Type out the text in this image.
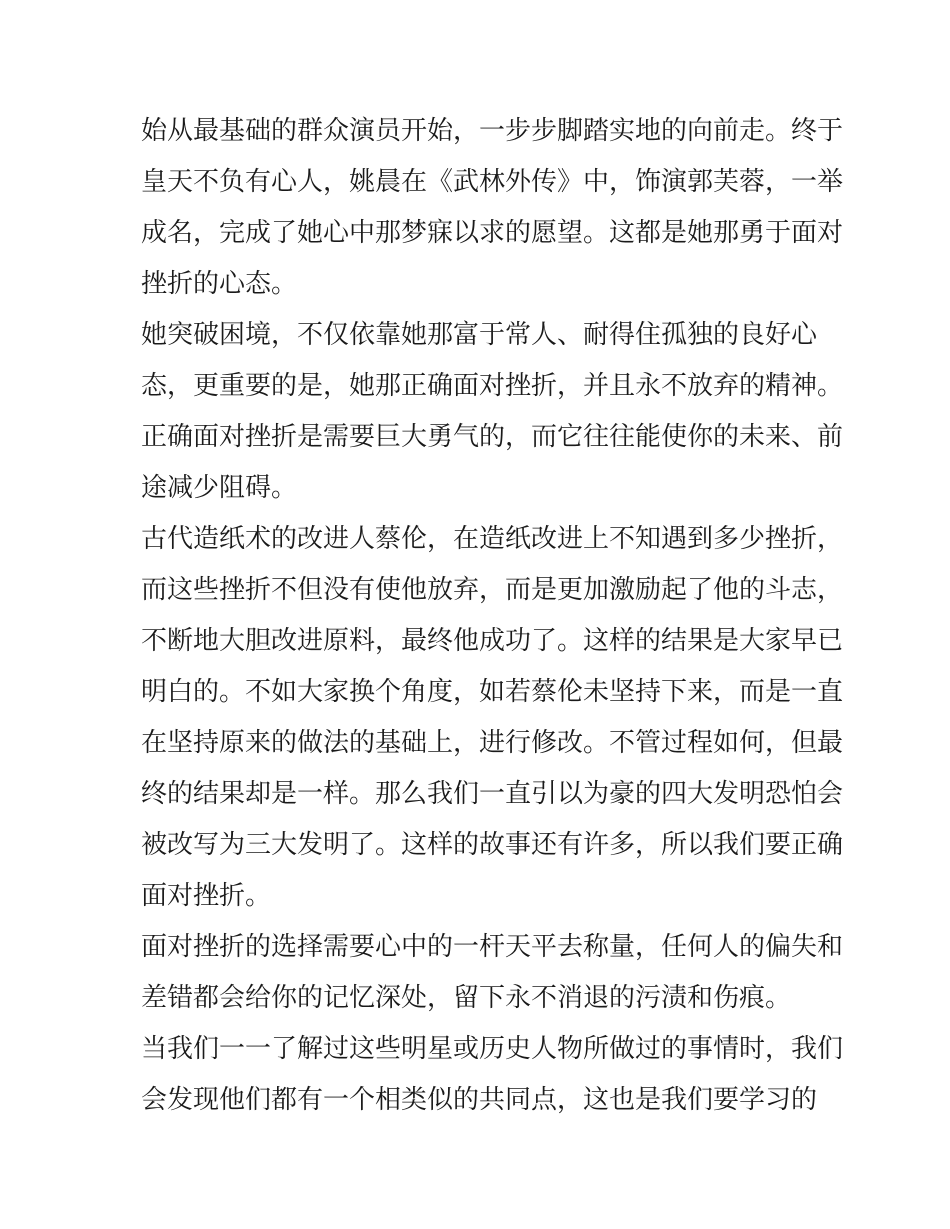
始从最基础的群众演员开始，一步步脚踏实地的向前走。终于
皇天不负有心人，姚晨在《武林外传》中，饰演郭芙蓉，一举
成名，完成了她心中那梦寐以求的愿望。这都是她那勇于面对
挫折的心态。
她突破困境，不仅依靠她那富于常人、耐得住孤独的良好心
态，更重要的是，她那正确面对挫折，并且永不放弃的精神。
正确面对挫折是需要巨大勇气的，而它往往能使你的未来、前
途减少阻碍。
古代造纸术的改进人蔡伦，在造纸改进上不知遇到多少挫折，
而这些挫折不但没有使他放弃，而是更加激励起了他的斗志，
不断地大胆改进原料，最终他成功了。这样的结果是大家早已
明白的。不如大家换个角度，如若蔡伦未坚持下来，而是一直
在坚持原来的做法的基础上，进行修改。不管过程如何，但最
终的结果却是一样。那么我们一直引以为豪的四大发明恐怕会
被改写为三大发明了。这样的故事还有许多，所以我们要正确
面对挫折。
面对挫折的选择需要心中的一杆天平去称量，任何人的偏失和
差错都会给你的记忆深处，留下永不消退的污渍和伤痕。
当我们一一了解过这些明星或历史人物所做过的事情时，我们
会发现他们都有一个相类似的共同点，这也是我们要学习的
